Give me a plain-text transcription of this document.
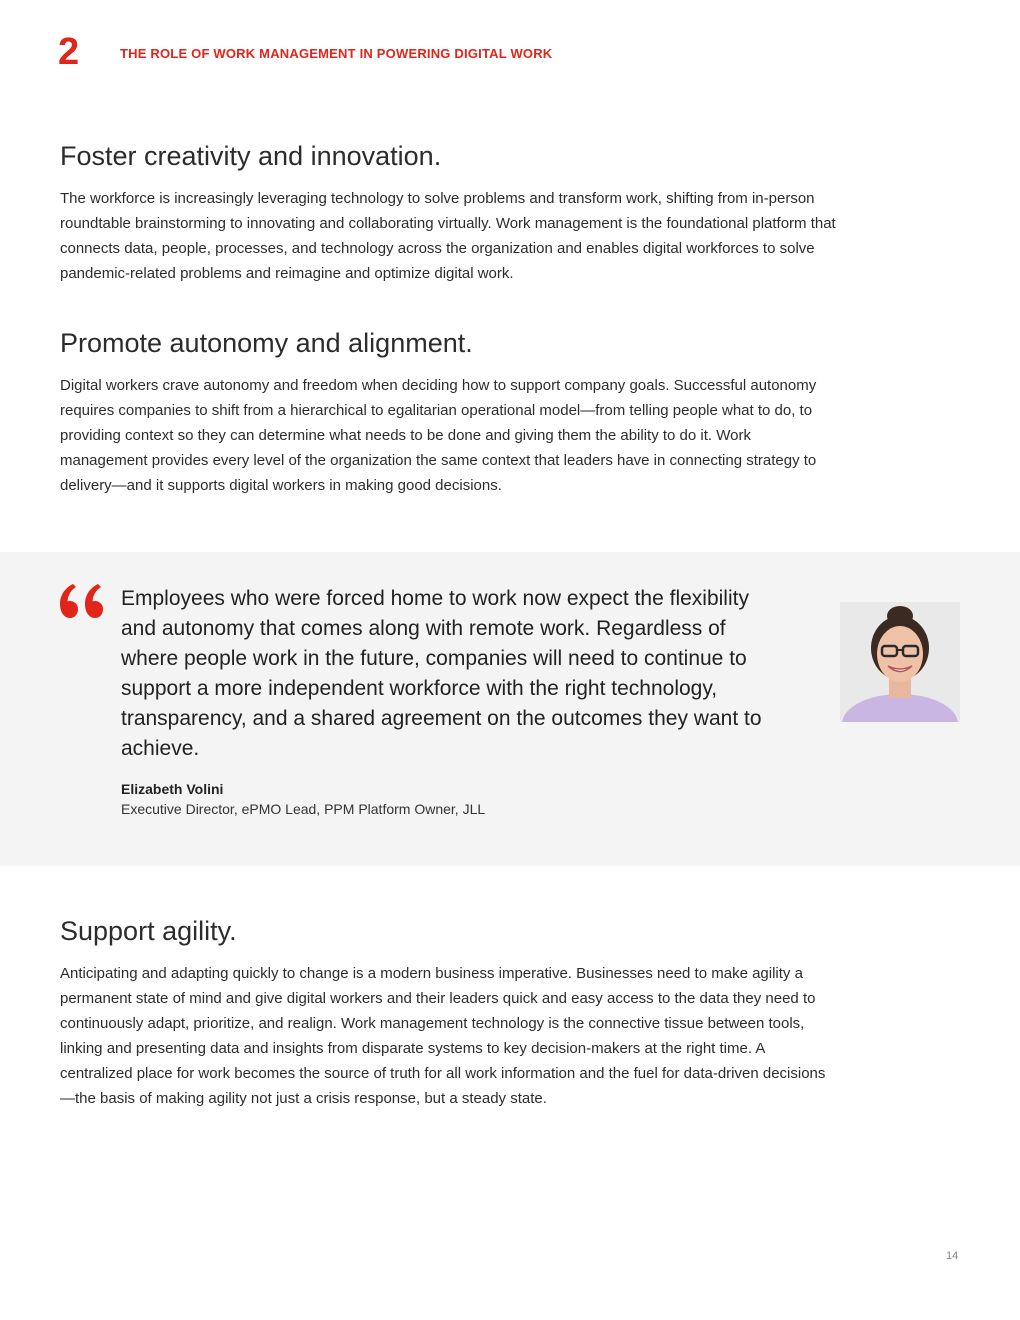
2	THE ROLE OF WORK MANAGEMENT IN POWERING DIGITAL WORK
Foster creativity and innovation.

The workforce is increasingly leveraging technology to solve problems and transform work, shifting from in-person roundtable brainstorming to innovating and collaborating virtually. Work management is the foundational platform that connects data, people, processes, and technology across the organization and enables digital workforces to solve pandemic-related problems and reimagine and optimize digital work.

Promote autonomy and alignment.

Digital workers crave autonomy and freedom when deciding how to support company goals. Successful autonomy requires companies to shift from a hierarchical to egalitarian operational model—from telling people what to do, to providing context so they can determine what needs to be done and giving them the ability to do it. Work management provides every level of the organization the same context that leaders have in connecting strategy to delivery—and it supports digital workers in making good decisions.

Employees who were forced home to work now expect the flexibility and autonomy that comes along with remote work. Regardless of where people work in the future, companies will need to continue to support a more independent workforce with the right technology, transparency, and a shared agreement on the outcomes they want to achieve.
Elizabeth Volini
Executive Director, ePMO Lead, PPM Platform Owner, JLL
Support agility.

Anticipating and adapting quickly to change is a modern business imperative. Businesses need to make agility a permanent state of mind and give digital workers and their leaders quick and easy access to the data they need to continuously adapt, prioritize, and realign. Work management technology is the connective tissue between tools, linking and presenting data and insights from disparate systems to key decision-makers at the right time. A centralized place for work becomes the source of truth for all work information and the fuel for data-driven decisions—the basis of making agility not just a crisis response, but a steady state.

14
